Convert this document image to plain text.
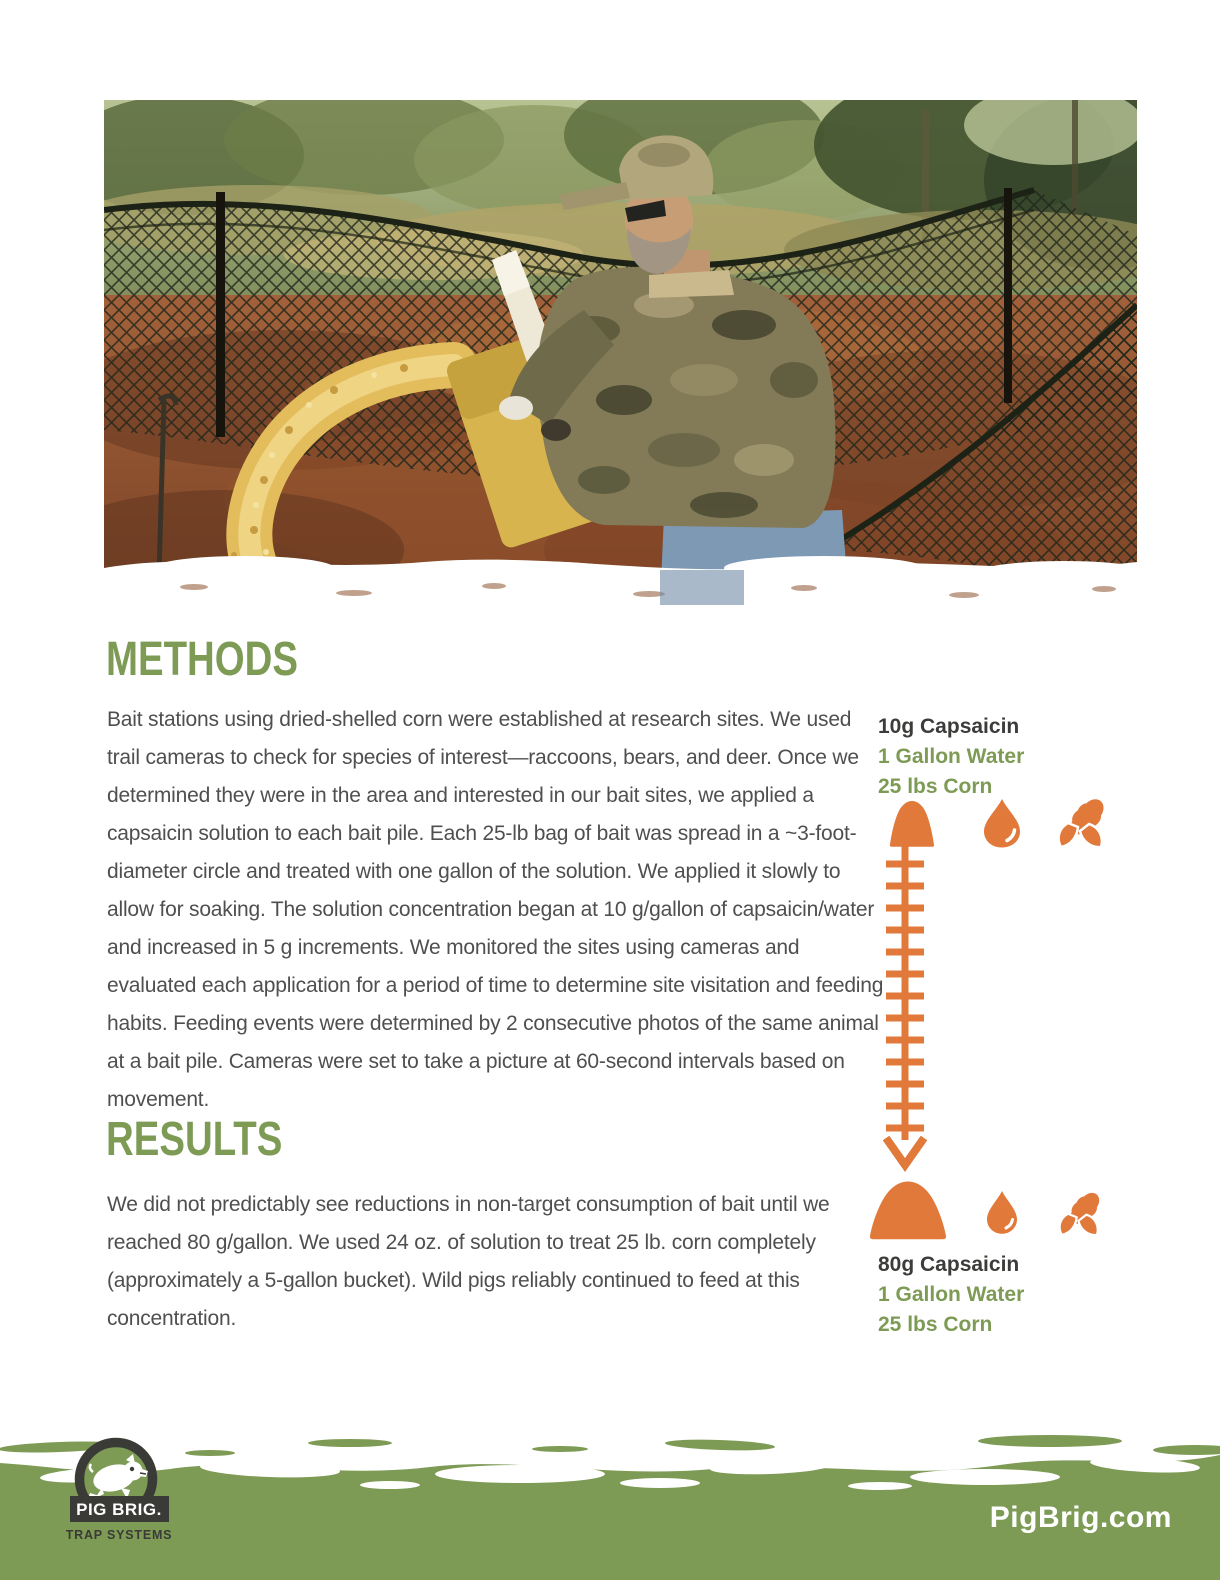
METHODS

Bait stations using dried-shelled corn were established at research sites. We used trail cameras to check for species of interest—raccoons, bears, and deer. Once we determined they were in the area and interested in our bait sites, we applied a capsaicin solution to each bait pile. Each 25-lb bag of bait was spread in a ~3-foot-diameter circle and treated with one gallon of the solution. We applied it slowly to allow for soaking. The solution concentration began at 10 g/gallon of capsaicin/water and increased in 5 g increments. We monitored the sites using cameras and evaluated each application for a period of time to determine site visitation and feeding habits. Feeding events were determined by 2 consecutive photos of the same animal at a bait pile. Cameras were set to take a picture at 60-second intervals based on movement.

RESULTS

We did not predictably see reductions in non-target consumption of bait until we reached 80 g/gallon. We used 24 oz. of solution to treat 25 lb. corn completely (approximately a 5-gallon bucket). Wild pigs reliably continued to feed at this concentration.

10g Capsaicin
1 Gallon Water
25 lbs Corn
80g Capsaicin
1 Gallon Water
25 lbs Corn
PIG BRIG.
TRAP SYSTEMS
PigBrig.com
